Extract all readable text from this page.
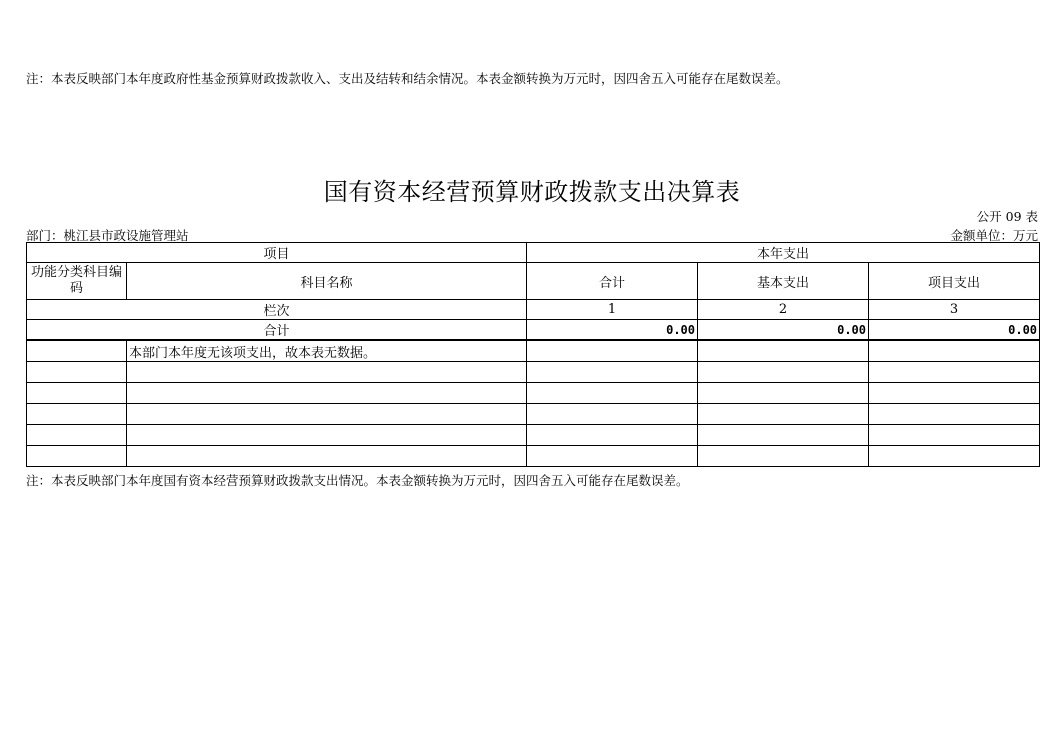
注：本表反映部门本年度政府性基金预算财政拨款收入、支出及结转和结余情况。本表金额转换为万元时，因四舍五入可能存在尾数误差。
国有资本经营预算财政拨款支出决算表
公开 09 表
部门：桃江县市政设施管理站	金额单位：万元
项目		本年支出		
功能分类科目编码	科目名称	合计	基本支出	项目支出
栏次		1	2	3
合计		0.00	0.00	0.00
	本部门本年度无该项支出，故本表无数据。			

注：本表反映部门本年度国有资本经营预算财政拨款支出情况。本表金额转换为万元时，因四舍五入可能存在尾数误差。
